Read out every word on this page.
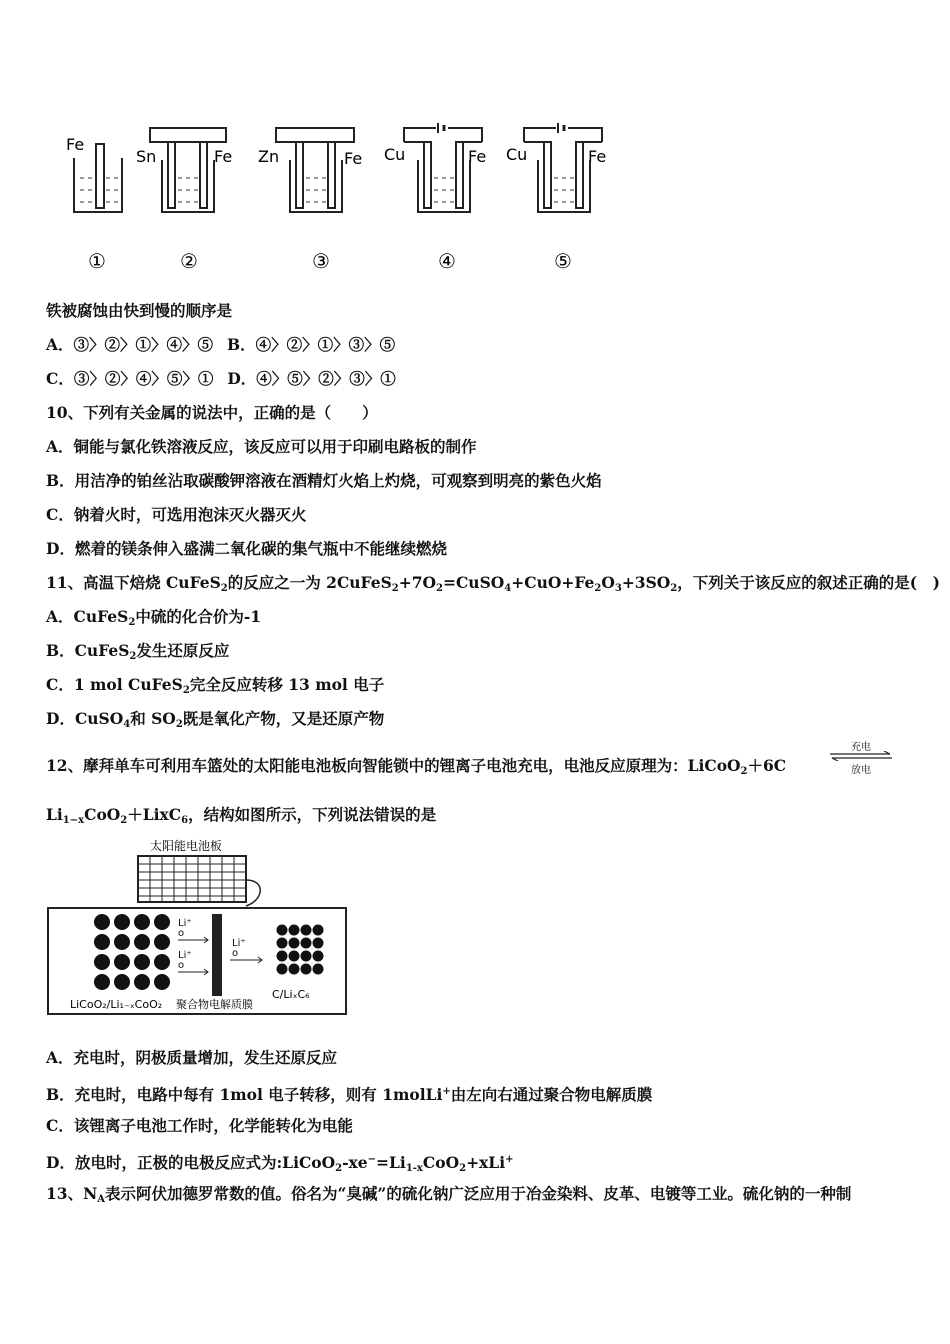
Fe
①
Sn	Fe
②
Zn	Fe
③
Cu	Fe
④
Cu	Fe
⑤
铁被腐蚀由快到慢的顺序是
A．③〉②〉①〉④〉⑤ B．④〉②〉①〉③〉⑤
C．③〉②〉④〉⑤〉① D．④〉⑤〉②〉③〉①
10、下列有关金属的说法中，正确的是（　　）
A．铜能与氯化铁溶液反应，该反应可以用于印刷电路板的制作
B．用洁净的铂丝沾取碳酸钾溶液在酒精灯火焰上灼烧，可观察到明亮的紫色火焰
C．钠着火时，可选用泡沫灭火器灭火
D．燃着的镁条伸入盛满二氧化碳的集气瓶中不能继续燃烧
11、高温下焙烧 CuFeS$_2$的反应之一为 $2CuFeS_2+7O_2=CuSO_4+CuO+Fe_2O_3+3SO_2$，下列关于该反应的叙述正确的是(　)
A．CuFeS$_2$中硫的化合价为-1
B．CuFeS$_2$发生还原反应
C．1 mol CuFeS$_2$完全反应转移 13 mol 电子
D．CuSO$_4$和 $SO_2$既是氧化产物，又是还原产物
12、摩拜单车可利用车篮处的太阳能电池板向智能锁中的锂离子电池充电，电池反应原理为：LiCoO$_2$＋6C
充电
放电
$Li_{1-x}CoO_2+LixC_6$，结构如图所示，下列说法错误的是
太阳能电池板
Li⁺
o
Li⁺
o
Li⁺
o
LiCoO₂/Li₁₋ₓCoO₂ 聚合物电解质膜
C/LiₓC₆
A．充电时，阴极质量增加，发生还原反应
B．充电时，电路中每有 1mol 电子转移，则有 1molLi+由左向右通过聚合物电解质膜
C．该锂离子电池工作时，化学能转化为电能
D．放电时，正极的电极反应式为$:LiCoO_2-xe^-=Li_{1-x}CoO_2+xLi^+$
13、$N_A$表示阿伏加德罗常数的值。俗名为“臭碱”的硫化钠广泛应用于冶金染料、皮革、电镀等工业。硫化钠的一种制
